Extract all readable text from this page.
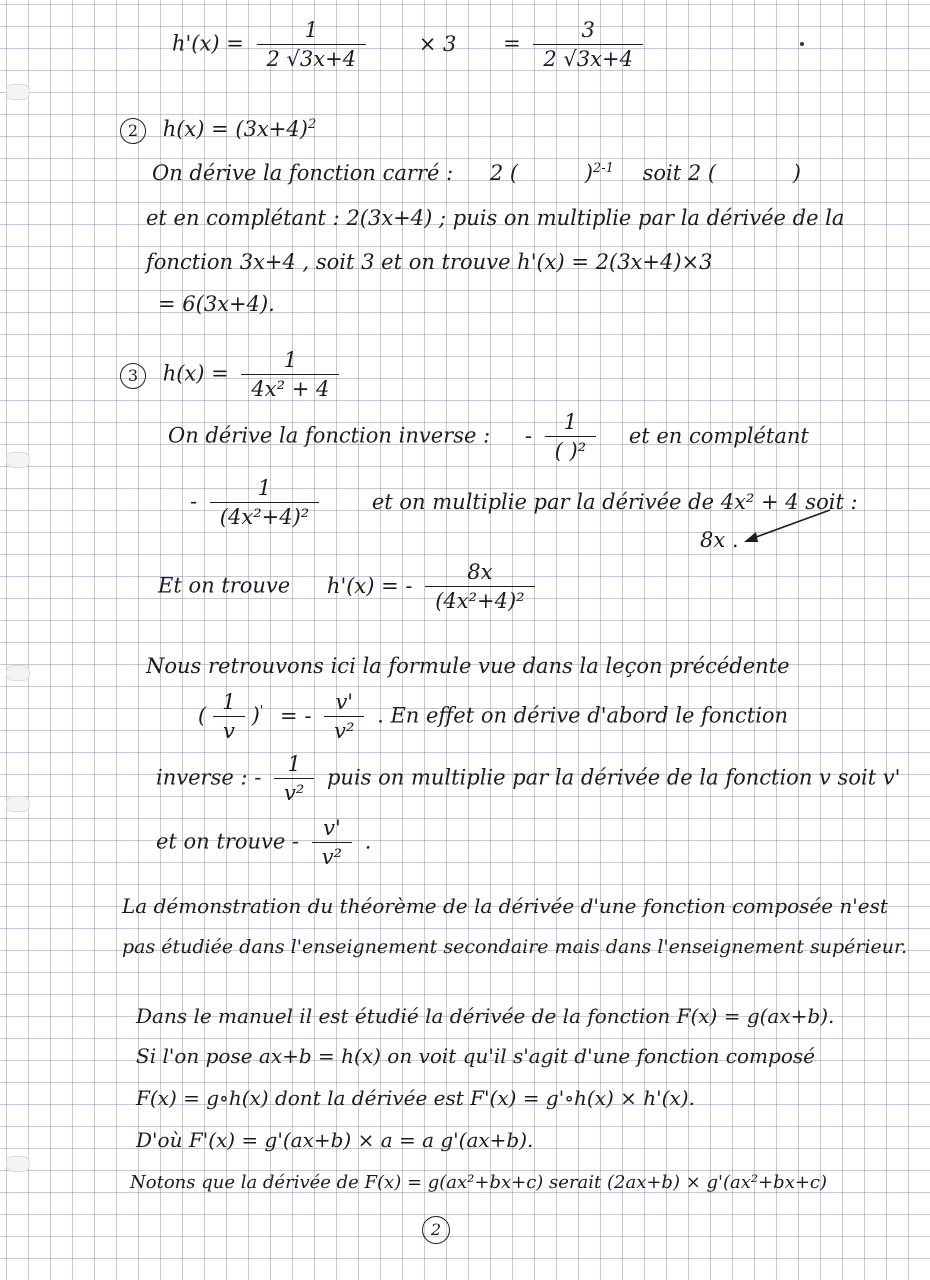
$h'(x) = \frac{1}{2 √3x+4}$	× $3 = \frac{3}{2 √3x+4}$
2 $h(x) = (3x+4)^2$
On dérive la fonction carré : 2 (	)$^{2-1}$ soit 2 (	)
et en complétant : 2(3x+4) ; puis on multiplie par la dérivée de la
fonction 3x+4 , soit 3 et on trouve h'(x) = 2(3x+4)×3
= 6(3x+4).
3 $h(x) = \frac{1}{\text{4x² + 4}}$
On dérive la fonction inverse : - $\frac{1}{\text{( )²}}$ et en complétant
- $\frac{1}{\text{(4x²+4)²}}$	et on multiplie par la dérivée de 4x² + 4 soit :
8x .
Et on trouve h'(x) = - $\frac{8x}{\text{(4x²+4)²}}$
Nous retrouvons ici la formule vue dans la leçon précédente
( $\frac{1}{v} )'$ = - $\frac{v'}{\text{v²}}$ . En effet on dérive d'abord le fonction
inverse : - $\frac{1}{\text{v²}}$ puis on multiplie par la dérivée de la fonction v soit v'
et on trouve - $\frac{v'}{\text{v²}}$ .
La démonstration du théorème de la dérivée d'une fonction composée n'est
pas étudiée dans l'enseignement secondaire mais dans l'enseignement supérieur.
Dans le manuel il est étudié la dérivée de la fonction F(x) = g(ax+b).
Si l'on pose ax+b = h(x) on voit qu'il s'agit d'une fonction composé
F(x) = g∘h(x) dont la dérivée est F'(x) = g'∘h(x) × h'(x).
D'où F'(x) = g'(ax+b) × a = a g'(ax+b).
Notons que la dérivée de F(x) = g(ax²+bx+c) serait (2ax+b) × g'(ax²+bx+c)
2
